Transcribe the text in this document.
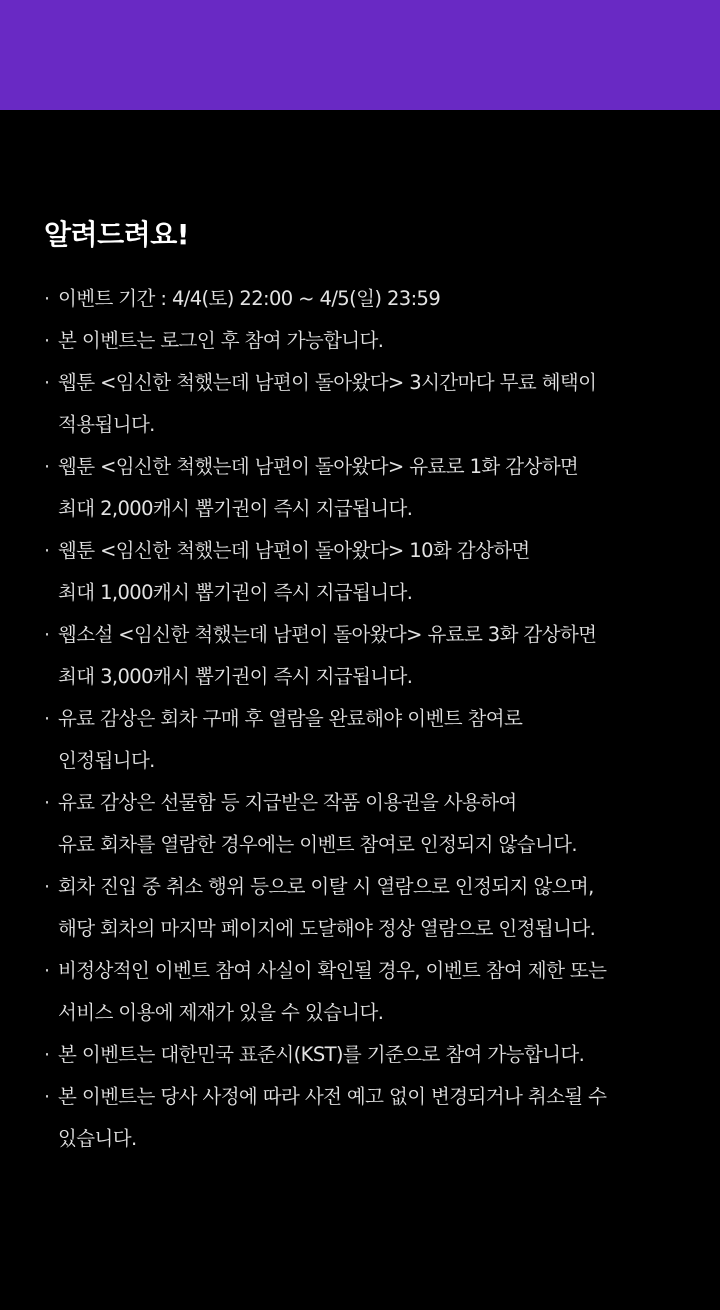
알려드려요!
· 이벤트 기간 : 4/4(토) 22:00 ~ 4/5(일) 23:59
· 본 이벤트는 로그인 후 참여 가능합니다.
· 웹툰 <임신한 척했는데 남편이 돌아왔다> 3시간마다 무료 혜택이
적용됩니다.
· 웹툰 <임신한 척했는데 남편이 돌아왔다> 유료로 1화 감상하면
최대 2,000캐시 뽑기권이 즉시 지급됩니다.
· 웹툰 <임신한 척했는데 남편이 돌아왔다> 10화 감상하면
최대 1,000캐시 뽑기권이 즉시 지급됩니다.
· 웹소설 <임신한 척했는데 남편이 돌아왔다> 유료로 3화 감상하면
최대 3,000캐시 뽑기권이 즉시 지급됩니다.
· 유료 감상은 회차 구매 후 열람을 완료해야 이벤트 참여로
인정됩니다.
· 유료 감상은 선물함 등 지급받은 작품 이용권을 사용하여
유료 회차를 열람한 경우에는 이벤트 참여로 인정되지 않습니다.
· 회차 진입 중 취소 행위 등으로 이탈 시 열람으로 인정되지 않으며,
해당 회차의 마지막 페이지에 도달해야 정상 열람으로 인정됩니다.
· 비정상적인 이벤트 참여 사실이 확인될 경우, 이벤트 참여 제한 또는
서비스 이용에 제재가 있을 수 있습니다.
· 본 이벤트는 대한민국 표준시(KST)를 기준으로 참여 가능합니다.
· 본 이벤트는 당사 사정에 따라 사전 예고 없이 변경되거나 취소될 수
있습니다.
